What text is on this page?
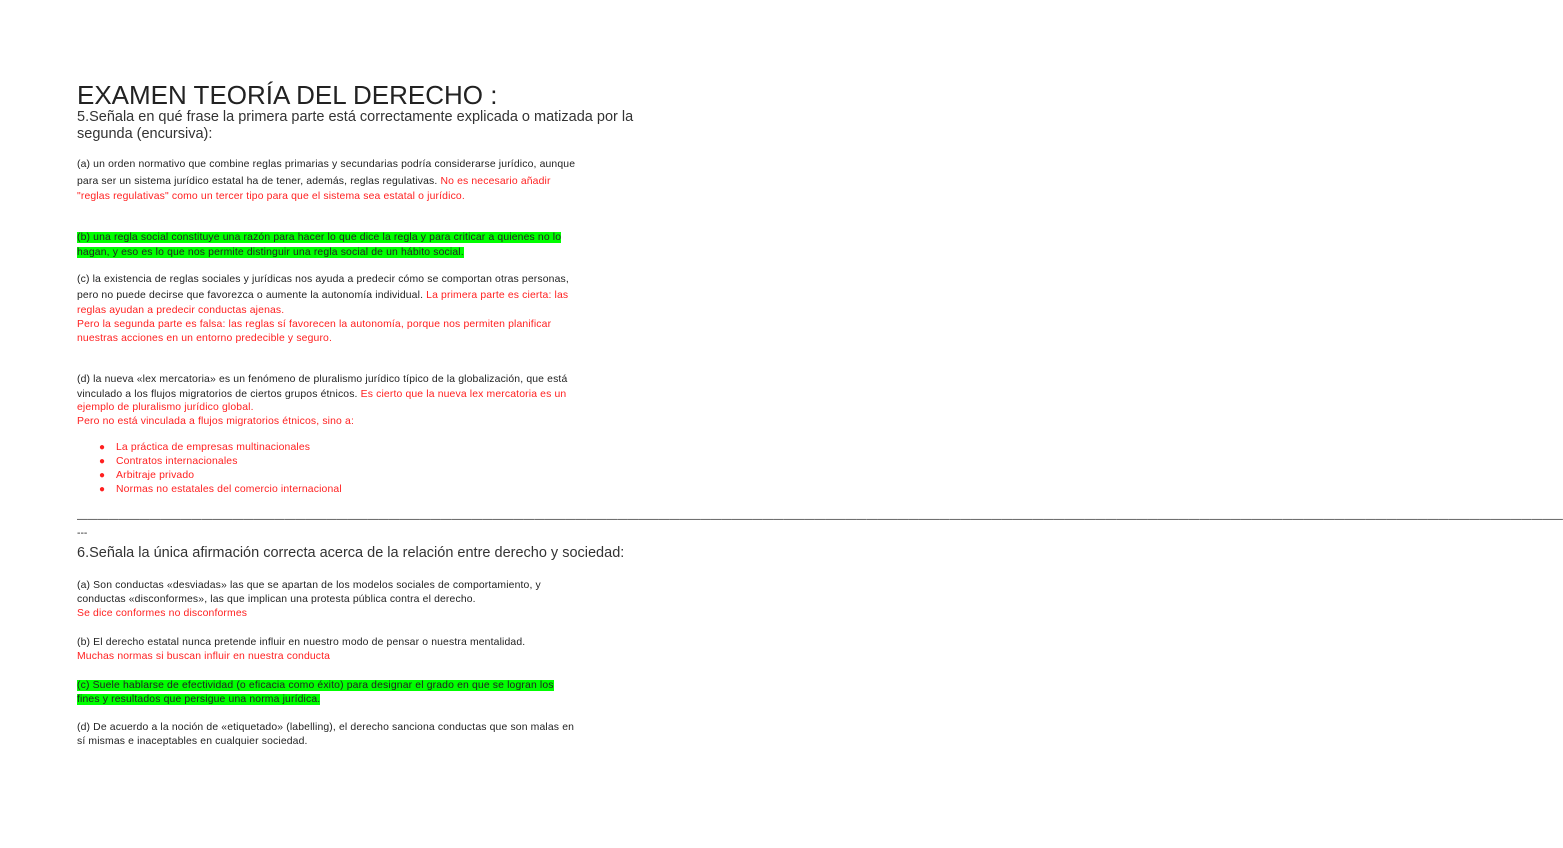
EXAMEN TEORÍA DEL DERECHO :
5.Señala en qué frase la primera parte está correctamente explicada o matizada por la
segunda (encursiva):
(a) un orden normativo que combine reglas primarias y secundarias podría considerarse jurídico, aunque
para ser un sistema jurídico estatal ha de tener, además, reglas regulativas. No es necesario añadir
"reglas regulativas" como un tercer tipo para que el sistema sea estatal o jurídico.
(b) una regla social constituye una razón para hacer lo que dice la regla y para criticar a quienes no lo
hagan, y eso es lo que nos permite distinguir una regla social de un hábito social.
(c) la existencia de reglas sociales y jurídicas nos ayuda a predecir cómo se comportan otras personas,
pero no puede decirse que favorezca o aumente la autonomía individual. La primera parte es cierta: las
reglas ayudan a predecir conductas ajenas.
Pero la segunda parte es falsa: las reglas sí favorecen la autonomía, porque nos permiten planificar
nuestras acciones en un entorno predecible y seguro.
(d) la nueva «lex mercatoria» es un fenómeno de pluralismo jurídico típico de la globalización, que está
vinculado a los flujos migratorios de ciertos grupos étnicos. Es cierto que la nueva lex mercatoria es un
ejemplo de pluralismo jurídico global.
Pero no está vinculada a flujos migratorios étnicos, sino a:
● La práctica de empresas multinacionales
● Contratos internacionales
● Arbitraje privado
● Normas no estatales del comercio internacional
———————————————————————————————————————————————————————————————————————————————————————————————————————————————————————————————————————————————
---
6.Señala la única afirmación correcta acerca de la relación entre derecho y sociedad:
(a) Son conductas «desviadas» las que se apartan de los modelos sociales de comportamiento, y
conductas «disconformes», las que implican una protesta pública contra el derecho.
Se dice conformes no disconformes
(b) El derecho estatal nunca pretende influir en nuestro modo de pensar o nuestra mentalidad.
Muchas normas si buscan influir en nuestra conducta
(c) Suele hablarse de efectividad (o eficacia como éxito) para designar el grado en que se logran los
fines y resultados que persigue una norma jurídica.
(d) De acuerdo a la noción de «etiquetado» (labelling), el derecho sanciona conductas que son malas en
sí mismas e inaceptables en cualquier sociedad.
